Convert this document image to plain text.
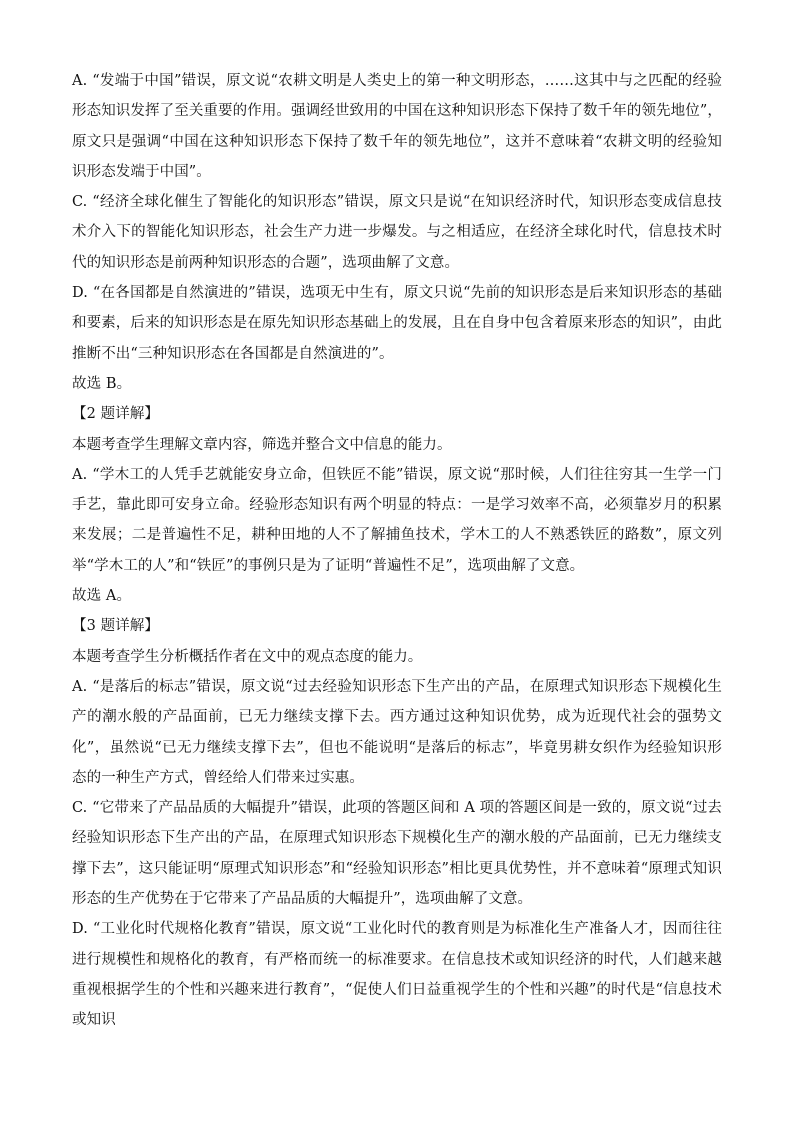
A. “发端于中国”错误，原文说“农耕文明是人类史上的第一种文明形态，……这其中与之匹配的经验形态知识发挥了至关重要的作用。强调经世致用的中国在这种知识形态下保持了数千年的领先地位”，原文只是强调“中国在这种知识形态下保持了数千年的领先地位”，这并不意味着“农耕文明的经验知识形态发端于中国”。

C. “经济全球化催生了智能化的知识形态”错误，原文只是说“在知识经济时代，知识形态变成信息技术介入下的智能化知识形态，社会生产力进一步爆发。与之相适应，在经济全球化时代，信息技术时代的知识形态是前两种知识形态的合题”，选项曲解了文意。

D. “在各国都是自然演进的”错误，选项无中生有，原文只说“先前的知识形态是后来知识形态的基础和要素，后来的知识形态是在原先知识形态基础上的发展，且在自身中包含着原来形态的知识”，由此推断不出“三种知识形态在各国都是自然演进的”。

故选 B。

【2 题详解】

本题考查学生理解文章内容，筛选并整合文中信息的能力。

A. “学木工的人凭手艺就能安身立命，但铁匠不能”错误，原文说“那时候，人们往往穷其一生学一门手艺，靠此即可安身立命。经验形态知识有两个明显的特点：一是学习效率不高，必须靠岁月的积累来发展；二是普遍性不足，耕种田地的人不了解捕鱼技术，学木工的人不熟悉铁匠的路数”，原文列举“学木工的人”和“铁匠”的事例只是为了证明“普遍性不足”，选项曲解了文意。

故选 A。

【3 题详解】

本题考查学生分析概括作者在文中的观点态度的能力。

A. “是落后的标志”错误，原文说“过去经验知识形态下生产出的产品，在原理式知识形态下规模化生产的潮水般的产品面前，已无力继续支撑下去。西方通过这种知识优势，成为近现代社会的强势文化”，虽然说“已无力继续支撑下去”，但也不能说明“是落后的标志”，毕竟男耕女织作为经验知识形态的一种生产方式，曾经给人们带来过实惠。

C. “它带来了产品品质的大幅提升”错误，此项的答题区间和 A 项的答题区间是一致的，原文说“过去经验知识形态下生产出的产品，在原理式知识形态下规模化生产的潮水般的产品面前，已无力继续支撑下去”，这只能证明“原理式知识形态”和“经验知识形态”相比更具优势性，并不意味着“原理式知识形态的生产优势在于它带来了产品品质的大幅提升”，选项曲解了文意。

D. “工业化时代规格化教育”错误，原文说“工业化时代的教育则是为标准化生产准备人才，因而往往进行规模性和规格化的教育，有严格而统一的标准要求。在信息技术或知识经济的时代，人们越来越重视根据学生的个性和兴趣来进行教育”，“促使人们日益重视学生的个性和兴趣”的时代是“信息技术或知识
